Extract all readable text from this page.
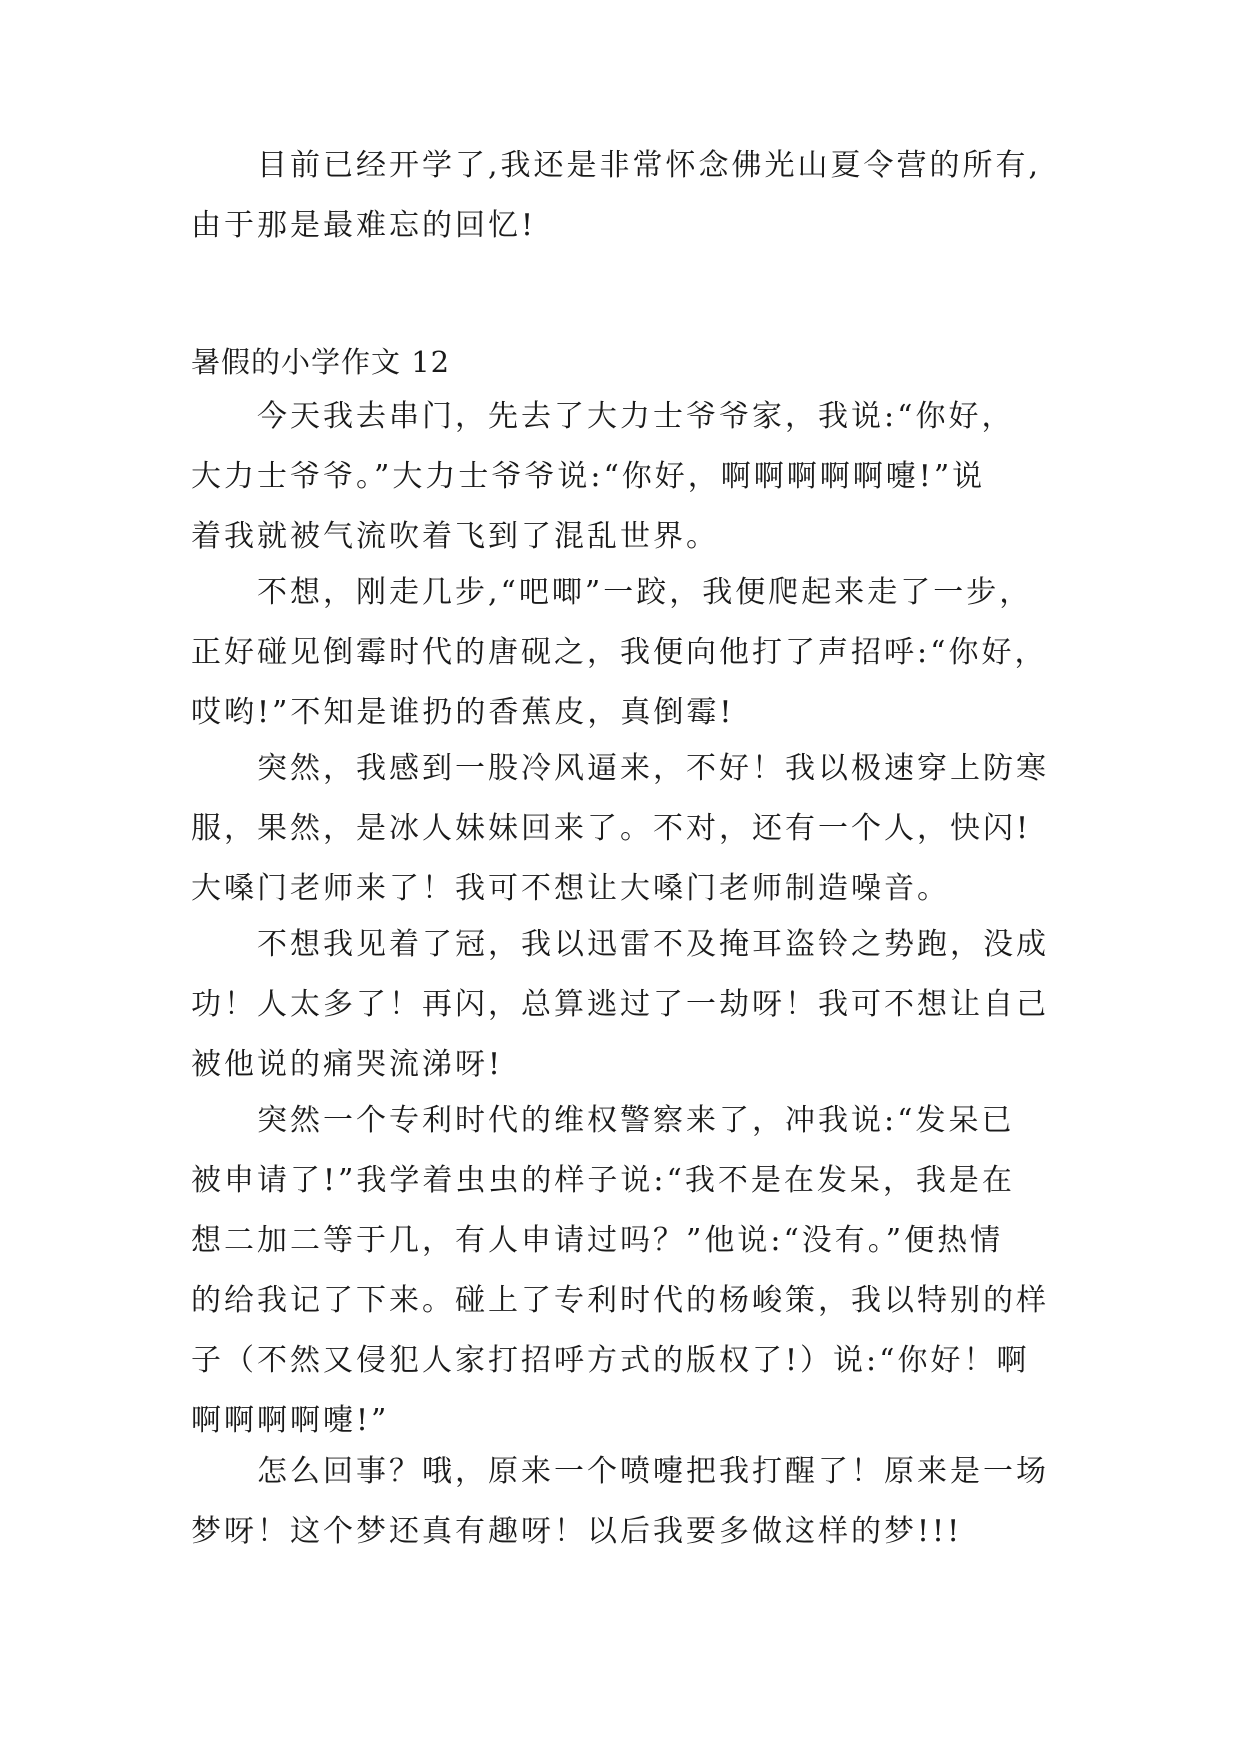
目前已经开学了,我还是非常怀念佛光山夏令营的所有,
由于那是最难忘的回忆!
暑假的小学作文 12
今天我去串门，先去了大力士爷爷家，我说:“你好，
大力士爷爷。”大力士爷爷说:“你好，啊啊啊啊啊嚏!”说
着我就被气流吹着飞到了混乱世界。
不想，刚走几步,“吧唧”一跤，我便爬起来走了一步，
正好碰见倒霉时代的唐砚之，我便向他打了声招呼:“你好，
哎哟!”不知是谁扔的香蕉皮，真倒霉!
突然，我感到一股冷风逼来，不好！我以极速穿上防寒
服，果然，是冰人妹妹回来了。不对，还有一个人，快闪!
大嗓门老师来了！我可不想让大嗓门老师制造噪音。
不想我见着了冠，我以迅雷不及掩耳盗铃之势跑，没成
功！人太多了！再闪，总算逃过了一劫呀！我可不想让自己
被他说的痛哭流涕呀!
突然一个专利时代的维权警察来了，冲我说:“发呆已
被申请了!”我学着虫虫的样子说:“我不是在发呆，我是在
想二加二等于几，有人申请过吗？”他说:“没有。”便热情
的给我记了下来。碰上了专利时代的杨峻策，我以特别的样
子（不然又侵犯人家打招呼方式的版权了!）说:“你好！啊
啊啊啊啊嚏!”
怎么回事？哦，原来一个喷嚏把我打醒了！原来是一场
梦呀！这个梦还真有趣呀！以后我要多做这样的梦!!!
